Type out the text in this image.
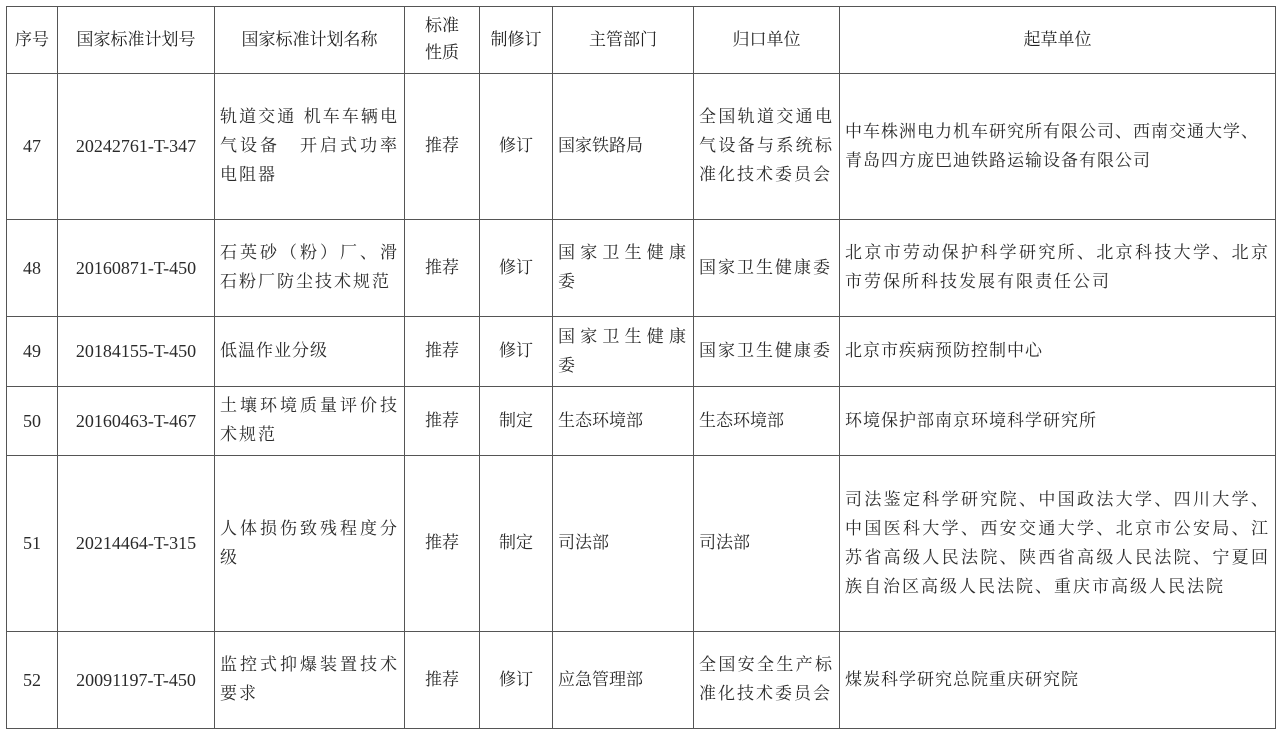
序号	国家标准计划号	国家标准计划名称	标准性质	制修订	主管部门	归口单位	起草单位
47	20242761-T-347	轨道交通 机车车辆电气设备　开启式功率电阻器	推荐	修订	国家铁路局	全国轨道交通电气设备与系统标准化技术委员会	中车株洲电力机车研究所有限公司、西南交通大学、青岛四方庞巴迪铁路运输设备有限公司
48	20160871-T-450	石英砂（粉）厂、滑石粉厂防尘技术规范	推荐	修订	国家卫生健康委	国家卫生健康委	北京市劳动保护科学研究所、北京科技大学、北京市劳保所科技发展有限责任公司
49	20184155-T-450	低温作业分级	推荐	修订	国家卫生健康委	国家卫生健康委	北京市疾病预防控制中心
50	20160463-T-467	土壤环境质量评价技术规范	推荐	制定	生态环境部	生态环境部	环境保护部南京环境科学研究所
51	20214464-T-315	人体损伤致残程度分级	推荐	制定	司法部	司法部	司法鉴定科学研究院、中国政法大学、四川大学、中国医科大学、西安交通大学、北京市公安局、江苏省高级人民法院、陕西省高级人民法院、宁夏回族自治区高级人民法院、重庆市高级人民法院
52	20091197-T-450	监控式抑爆装置技术要求	推荐	修订	应急管理部	全国安全生产标准化技术委员会	煤炭科学研究总院重庆研究院
